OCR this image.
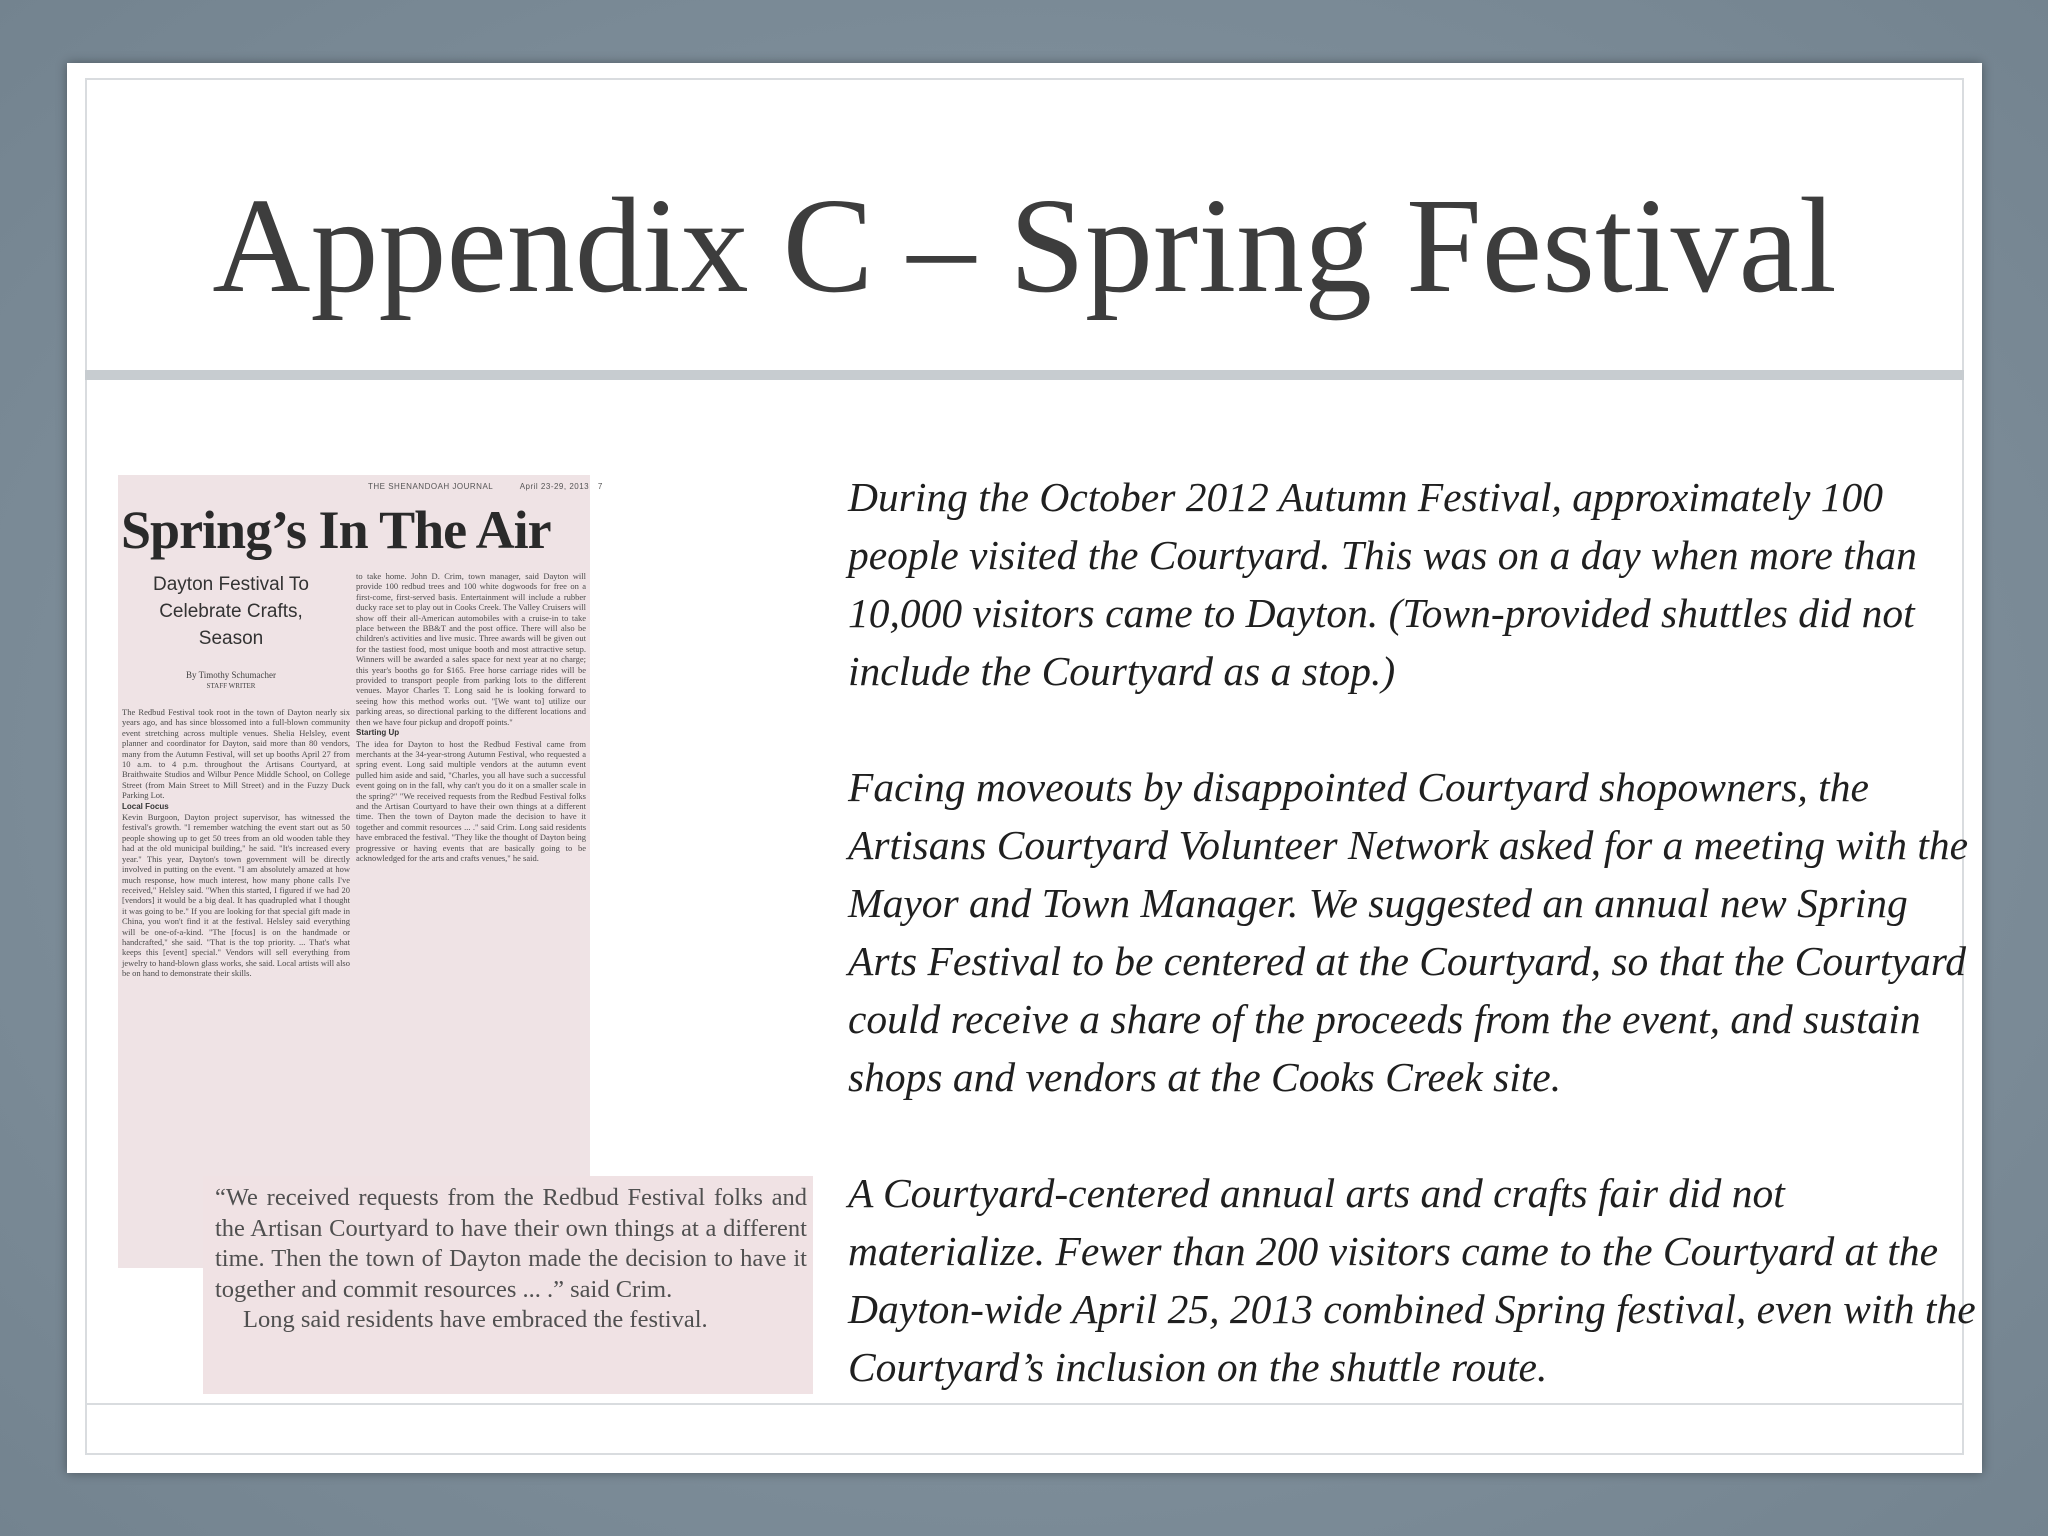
Appendix C – Spring Festival
THE SHENANDOAH JOURNAL	April 23-29, 2013 7
Spring’s In The Air
Dayton Festival To Celebrate Crafts, Season
By Timothy Schumacher
STAFF WRITER
The Redbud Festival took root in the town of Dayton nearly six years ago, and has since blossomed into a full-blown community event stretching across multiple venues. Shelia Helsley, event planner and coordinator for Dayton, said more than 80 vendors, many from the Autumn Festival, will set up booths April 27 from 10 a.m. to 4 p.m. throughout the Artisans Courtyard, at Braithwaite Studios and Wilbur Pence Middle School, on College Street (from Main Street to Mill Street) and in the Fuzzy Duck Parking Lot.
Local Focus
Kevin Burgoon, Dayton project supervisor, has witnessed the festival's growth. "I remember watching the event start out as 50 people showing up to get 50 trees from an old wooden table they had at the old municipal building," he said. "It's increased every year." This year, Dayton's town government will be directly involved in putting on the event. "I am absolutely amazed at how much response, how much interest, how many phone calls I've received," Helsley said. "When this started, I figured if we had 20 [vendors] it would be a big deal. It has quadrupled what I thought it was going to be." If you are looking for that special gift made in China, you won't find it at the festival. Helsley said everything will be one-of-a-kind. "The [focus] is on the handmade or handcrafted," she said. "That is the top priority. ... That's what keeps this [event] special." Vendors will sell everything from jewelry to hand-blown glass works, she said. Local artists will also be on hand to demonstrate their skills.
to take home. John D. Crim, town manager, said Dayton will provide 100 redbud trees and 100 white dogwoods for free on a first-come, first-served basis. Entertainment will include a rubber ducky race set to play out in Cooks Creek. The Valley Cruisers will show off their all-American automobiles with a cruise-in to take place between the BB&T and the post office. There will also be children's activities and live music. Three awards will be given out for the tastiest food, most unique booth and most attractive setup. Winners will be awarded a sales space for next year at no charge; this year's booths go for $165. Free horse carriage rides will be provided to transport people from parking lots to the different venues. Mayor Charles T. Long said he is looking forward to seeing how this method works out. "[We want to] utilize our parking areas, so directional parking to the different locations and then we have four pickup and dropoff points."
Starting Up
The idea for Dayton to host the Redbud Festival came from merchants at the 34-year-strong Autumn Festival, who requested a spring event. Long said multiple vendors at the autumn event pulled him aside and said, "Charles, you all have such a successful event going on in the fall, why can't you do it on a smaller scale in the spring?" "We received requests from the Redbud Festival folks and the Artisan Courtyard to have their own things at a different time. Then the town of Dayton made the decision to have it together and commit resources ... ." said Crim. Long said residents have embraced the festival. "They like the thought of Dayton being progressive or having events that are basically going to be acknowledged for the arts and crafts venues," he said.
“We received requests from the Redbud Festival folks and the Artisan Courtyard to have their own things at a different time. Then the town of Dayton made the decision to have it together and commit resources ... .” said Crim.
Long said residents have embraced the festival.

During the October 2012 Autumn Festival, approximately 100 people visited the Courtyard. This was on a day when more than 10,000 visitors came to Dayton. (Town-provided shuttles did not include the Courtyard as a stop.)

Facing moveouts by disappointed Courtyard shopowners, the Artisans Courtyard Volunteer Network asked for a meeting with the Mayor and Town Manager. We suggested an annual new Spring Arts Festival to be centered at the Courtyard, so that the Courtyard could receive a share of the proceeds from the event, and sustain shops and vendors at the Cooks Creek site.

A Courtyard-centered annual arts and crafts fair did not materialize. Fewer than 200 visitors came to the Courtyard at the Dayton-wide April 25, 2013 combined Spring festival, even with the Courtyard’s inclusion on the shuttle route.
